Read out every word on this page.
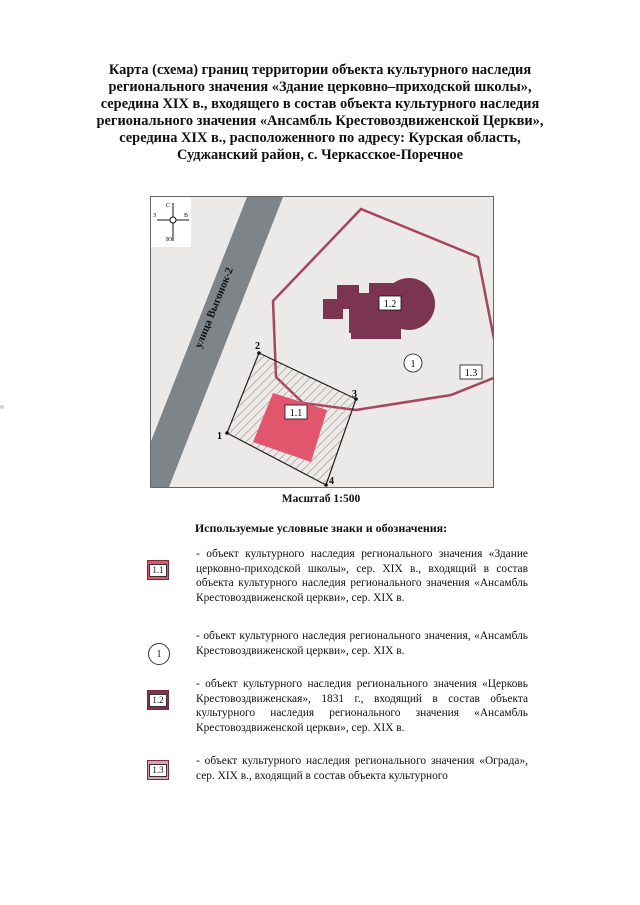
Карта (схема) границ территории объекта культурного наследия
регионального значения «Здание церковно–приходской школы»,
середина XIX в., входящего в состав объекта культурного наследия
регионального значения «Ансамбль Крестовоздвиженской Церкви»,
середина XIX в., расположенного по адресу: Курская область,
Суджанский район, с. Черкасское-Поречное
улица Выгонок-2
С
Ю
З	В
1.2
1
1.3
1.1
1
2
3
4
Масштаб 1:500
Используемые условные знаки и обозначения:
1.1
- объект культурного наследия регионального значения «Здание церковно-приходской школы», сер. XIX в., входящий в состав объекта культурного наследия регионального значения «Ансамбль Крестовоздвиженской церкви», сер. XIX в.
1
- объект культурного наследия регионального значения, «Ансамбль Крестовоздвиженской церкви», сер. XIX в.
1.2
- объект культурного наследия регионального значения «Церковь Крестовоздвиженская», 1831 г., входящий в состав объекта культурного наследия регионального значения «Ансамбль Крестовоздвиженской церкви», сер. XIX в.
1.3
- объект культурного наследия регионального значения «Ограда», сер. XIX в., входящий в состав объекта культурного
